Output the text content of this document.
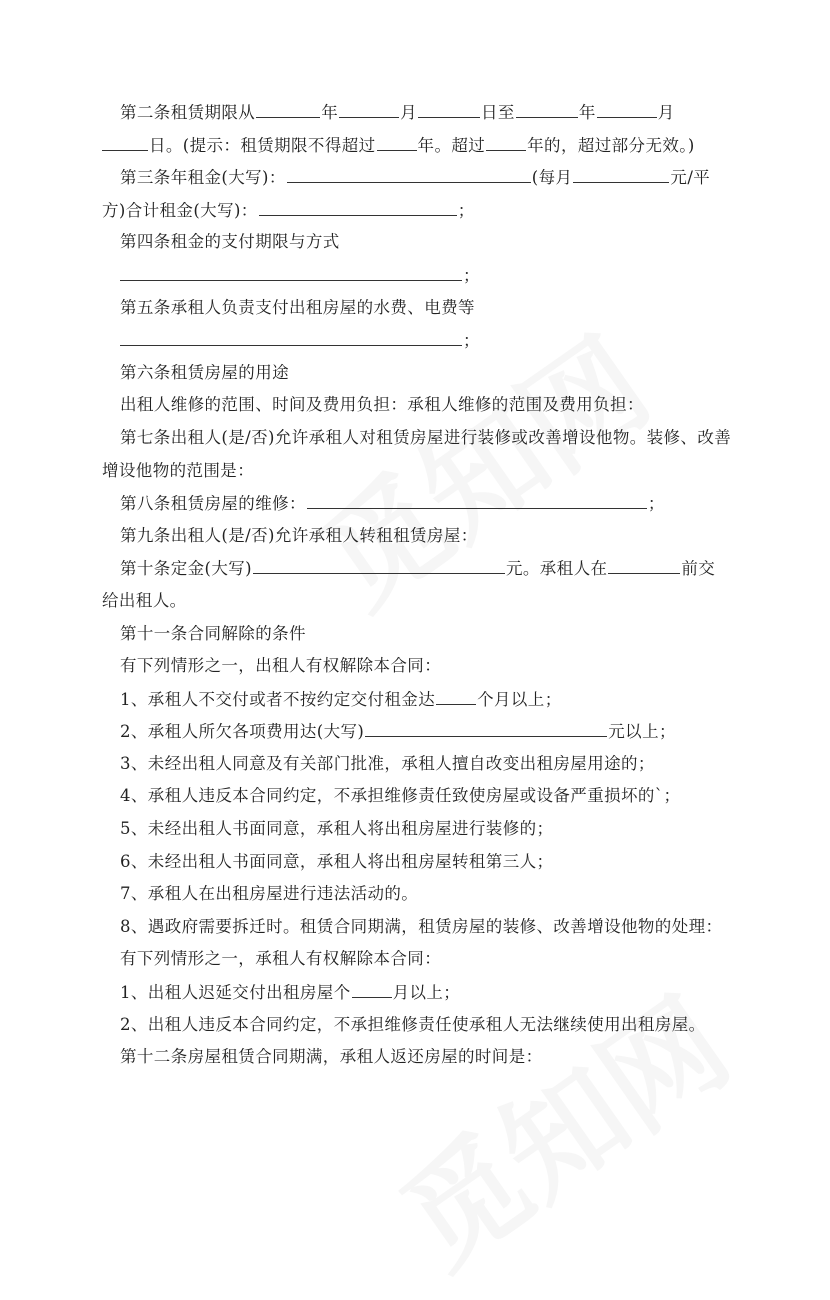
第二条租赁期限从	年	月	日至	年	月
日。(提示：租赁期限不得超过	年。超过	年的，超过部分无效。)
第三条年租金(大写)：	(每月	元/平
方)合计租金(大写)：	；
第四条租金的支付期限与方式
；
第五条承租人负责支付出租房屋的水费、电费等
；
第六条租赁房屋的用途
出租人维修的范围、时间及费用负担：承租人维修的范围及费用负担：
第七条出租人(是/否)允许承租人对租赁房屋进行装修或改善增设他物。装修、改善
增设他物的范围是：
第八条租赁房屋的维修：	；
第九条出租人(是/否)允许承租人转租租赁房屋：
第十条定金(大写)	元。承租人在	前交
给出租人。
第十一条合同解除的条件
有下列情形之一，出租人有权解除本合同：
1、承租人不交付或者不按约定交付租金达	个月以上；
2、承租人所欠各项费用达(大写)	元以上；
3、未经出租人同意及有关部门批准，承租人擅自改变出租房屋用途的；
4、承租人违反本合同约定，不承担维修责任致使房屋或设备严重损坏的`；
5、未经出租人书面同意，承租人将出租房屋进行装修的；
6、未经出租人书面同意，承租人将出租房屋转租第三人；
7、承租人在出租房屋进行违法活动的。
8、遇政府需要拆迁时。租赁合同期满，租赁房屋的装修、改善增设他物的处理：
有下列情形之一，承租人有权解除本合同：
1、出租人迟延交付出租房屋个	月以上；
2、出租人违反本合同约定，不承担维修责任使承租人无法继续使用出租房屋。
第十二条房屋租赁合同期满，承租人返还房屋的时间是：
